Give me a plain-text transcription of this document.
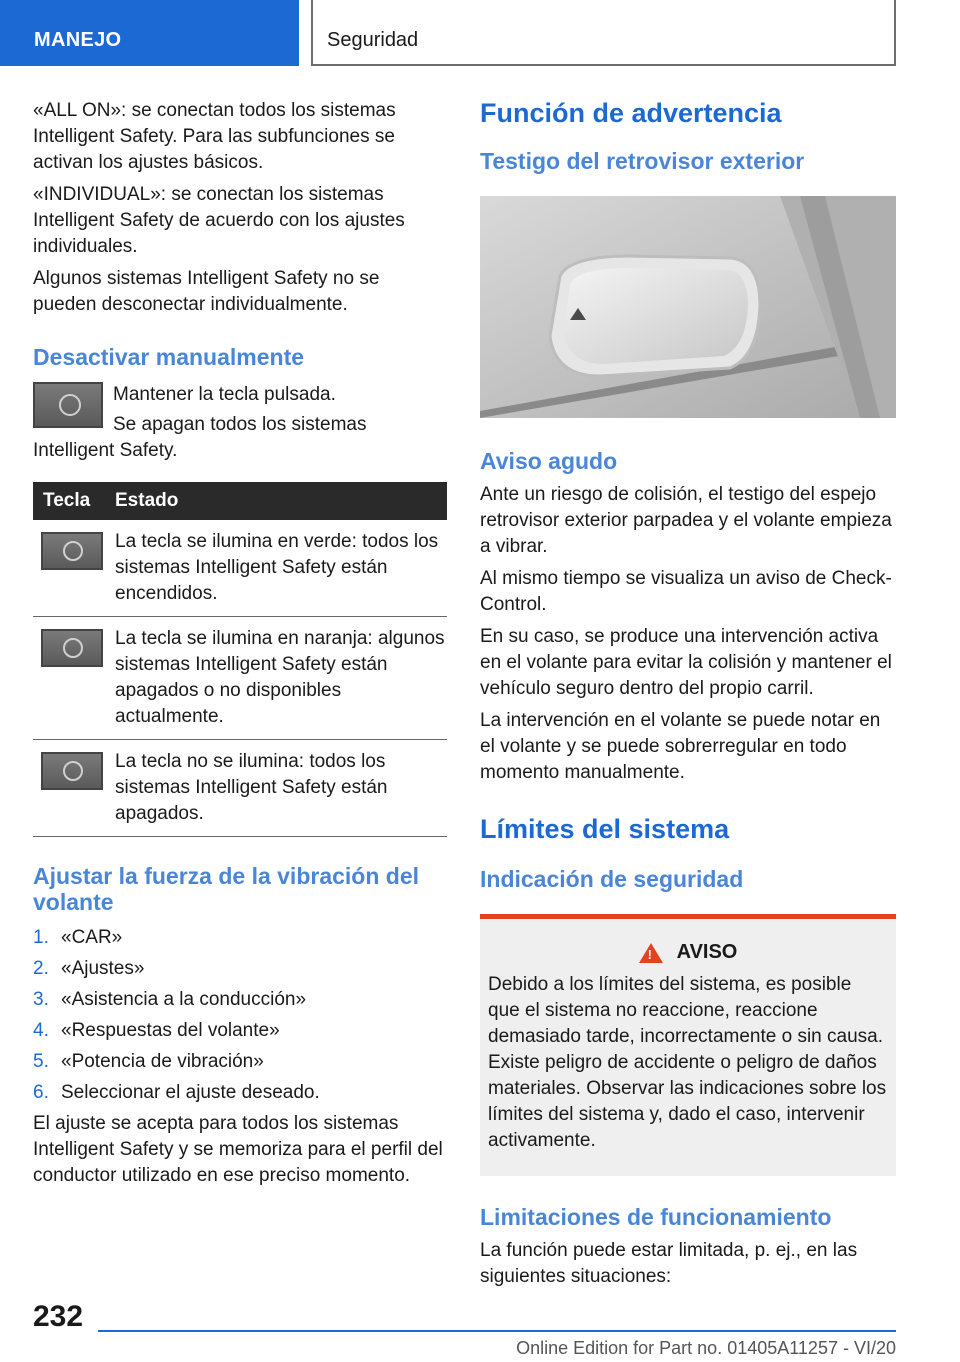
MANEJO	Seguridad

«ALL ON»: se conectan todos los sistemas Intelligent Safety. Para las subfunciones se activan los ajustes básicos.

«INDIVIDUAL»: se conectan los sistemas Intelligent Safety de acuerdo con los ajustes individuales.

Algunos sistemas Intelligent Safety no se pueden desconectar individualmente.

Desactivar manualmente

Mantener la tecla pulsada.

Se apagan todos los sistemas Intelligent Safety.

Tecla	Estado

	La tecla se ilumina en verde: todos los sistemas Intelligent Safety están encendidos.

	La tecla se ilumina en naranja: algunos sistemas Intelligent Safety están apagados o no disponibles actualmente.

	La tecla no se ilumina: todos los sistemas Intelligent Safety están apagados.
Ajustar la fuerza de la vibración del volante
1. «CAR»
2. «Ajustes»
3. «Asistencia a la conducción»
4. «Respuestas del volante»
5. «Potencia de vibración»
6. Seleccionar el ajuste deseado.

El ajuste se acepta para todos los sistemas Intelligent Safety y se memoriza para el perfil del conductor utilizado en ese preciso momento.

Función de advertencia
Testigo del retrovisor exterior
Aviso agudo

Ante un riesgo de colisión, el testigo del espejo retrovisor exterior parpadea y el volante empieza a vibrar.

Al mismo tiempo se visualiza un aviso de Check-Control.

En su caso, se produce una intervención activa en el volante para evitar la colisión y mantener el vehículo seguro dentro del propio carril.

La intervención en el volante se puede notar en el volante y se puede sobrerregular en todo momento manualmente.

Límites del sistema
Indicación de seguridad
!
AVISO

Debido a los límites del sistema, es posible que el sistema no reaccione, reaccione demasiado tarde, incorrectamente o sin causa. Existe peligro de accidente o peligro de daños materiales. Observar las indicaciones sobre los límites del sistema y, dado el caso, intervenir activamente.

Limitaciones de funcionamiento

La función puede estar limitada, p. ej., en las siguientes situaciones:

232
Online Edition for Part no. 01405A11257 - VI/20
